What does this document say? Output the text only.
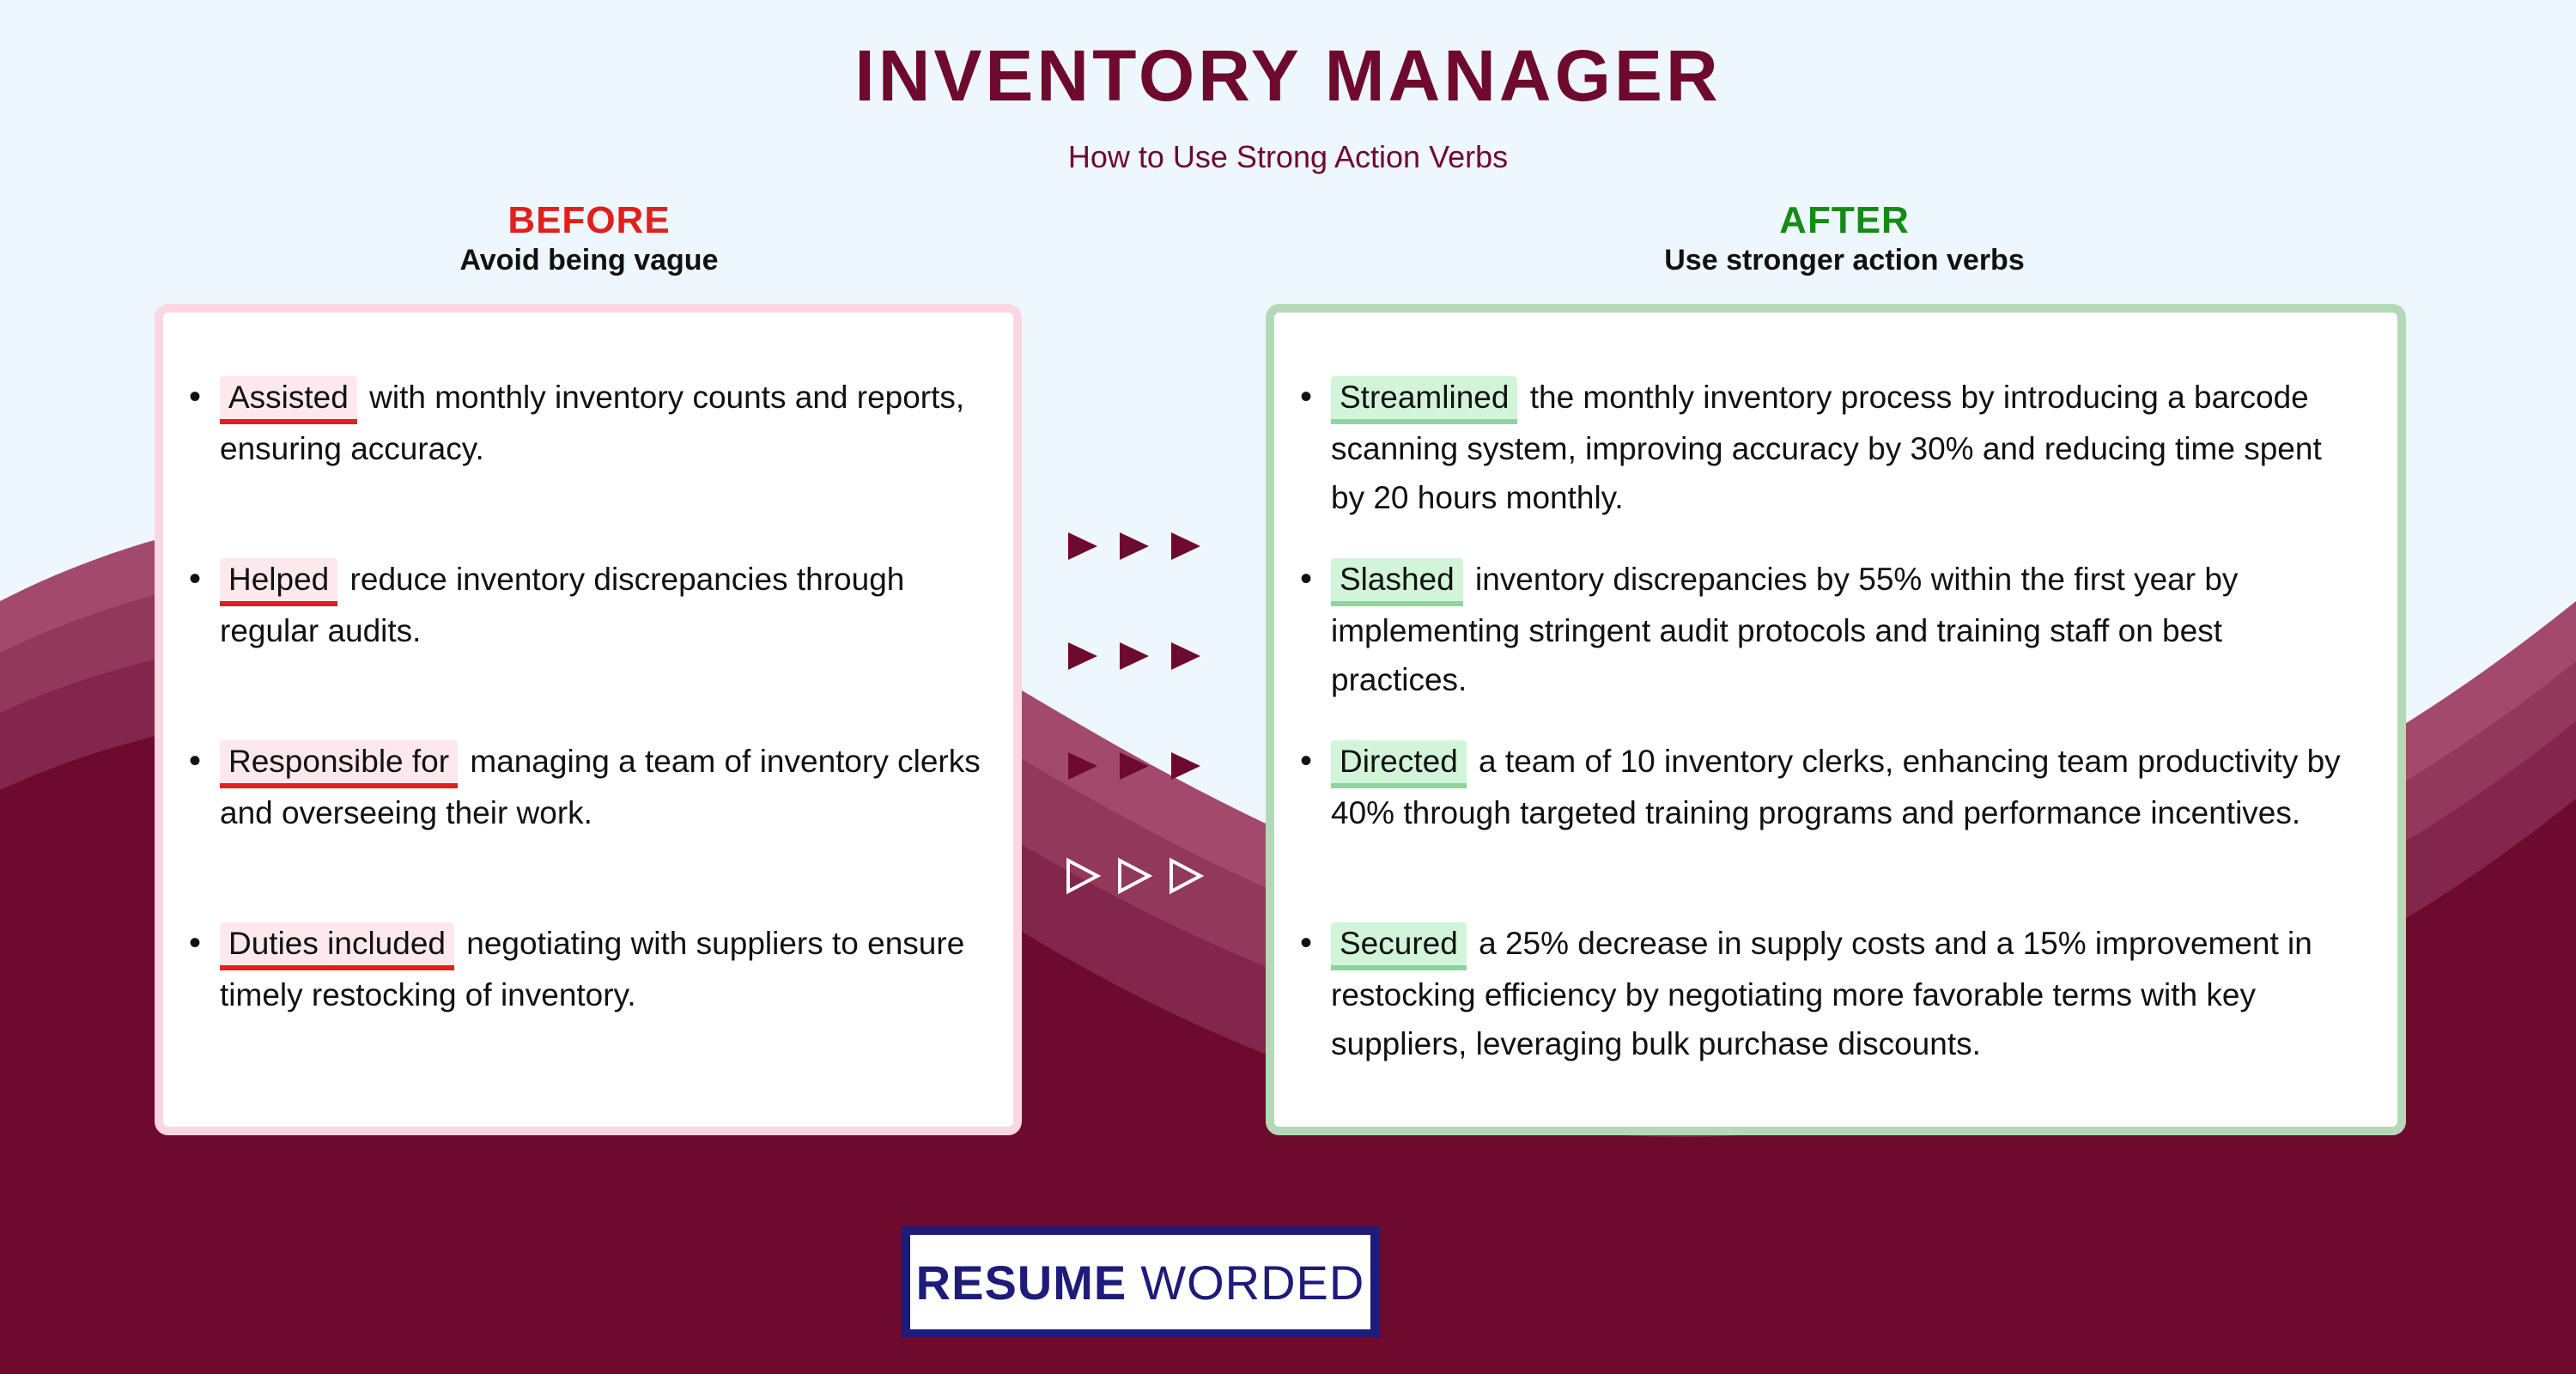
INVENTORY MANAGER
How to Use Strong Action Verbs
BEFORE
Avoid being vague
AFTER
Use stronger action verbs
• Assisted with monthly inventory counts and reports, ensuring accuracy.
• Helped reduce inventory discrepancies through regular audits.
• Responsible for managing a team of inventory clerks and overseeing their work.
• Duties included negotiating with suppliers to ensure timely restocking of inventory.
• Streamlined the monthly inventory process by introducing a barcode scanning system, improving accuracy by 30% and reducing time spent by 20 hours monthly.
• Slashed inventory discrepancies by 55% within the first year by implementing stringent audit protocols and training staff on best practices.
• Directed a team of 10 inventory clerks, enhancing team productivity by 40% through targeted training programs and performance incentives.
• Secured a 25% decrease in supply costs and a 15% improvement in restocking efficiency by negotiating more favorable terms with key suppliers, leveraging bulk purchase discounts.
RESUME WORDED
